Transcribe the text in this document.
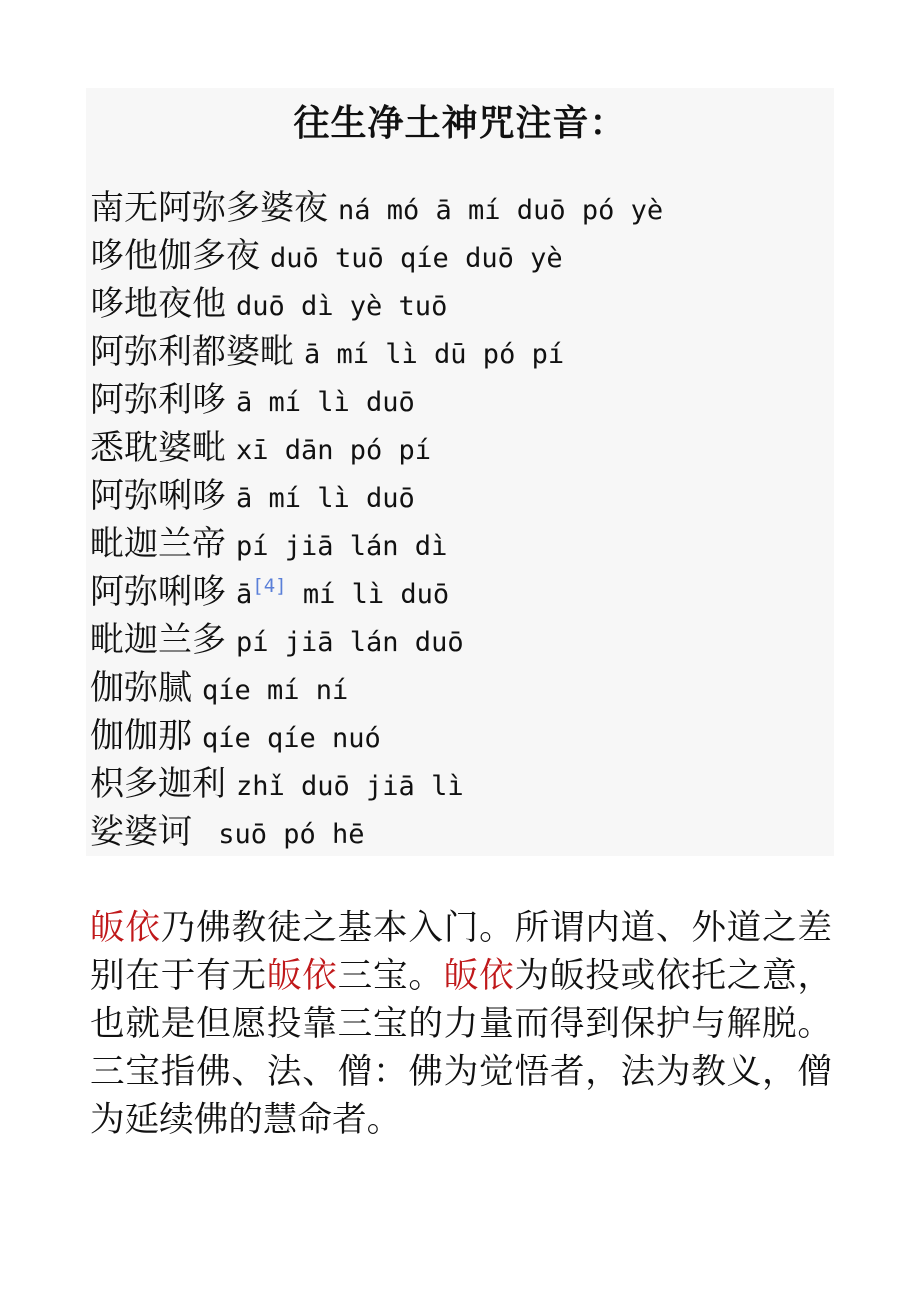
往生净土神咒注音：
南无阿弥多婆夜 ná mó ā mí duō pó yè
哆他伽多夜 duō tuō qíe duō yè
哆地夜他 duō dì yè tuō
阿弥利都婆毗 ā mí lì dū pó pí
阿弥利哆 ā mí lì duō
悉耽婆毗 xī dān pó pí
阿弥唎哆 ā mí lì duō
毗迦兰帝 pí jiā lán dì
阿弥唎哆 ā[4] mí lì duō
毗迦兰多 pí jiā lán duō
伽弥腻 qíe mí ní
伽伽那 qíe qíe nuó
枳多迦利 zhǐ duō jiā lì
娑婆诃 suō pó hē
皈依乃佛教徒之基本入门。所谓内道、外道之差别在于有无皈依三宝。皈依为皈投或依托之意，也就是但愿投靠三宝的力量而得到保护与解脱。三宝指佛、法、僧：佛为觉悟者，法为教义，僧为延续佛的慧命者。
